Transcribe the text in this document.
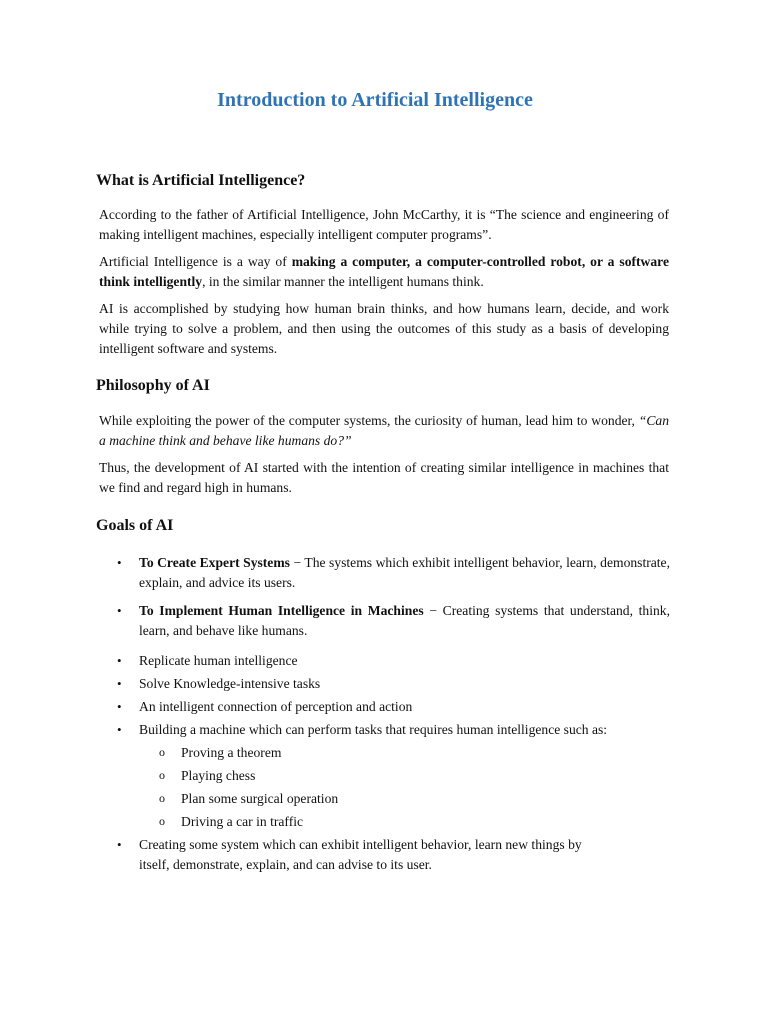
Introduction to Artificial Intelligence
What is Artificial Intelligence?

According to the father of Artificial Intelligence, John McCarthy, it is “The science and engineering of making intelligent machines, especially intelligent computer programs”.

Artificial Intelligence is a way of making a computer, a computer-controlled robot, or a software think intelligently, in the similar manner the intelligent humans think.

AI is accomplished by studying how human brain thinks, and how humans learn, decide, and work while trying to solve a problem, and then using the outcomes of this study as a basis of developing intelligent software and systems.

Philosophy of AI

While exploiting the power of the computer systems, the curiosity of human, lead him to wonder, “Can a machine think and behave like humans do?”

Thus, the development of AI started with the intention of creating similar intelligence in machines that we find and regard high in humans.

Goals of AI
• To Create Expert Systems − The systems which exhibit intelligent behavior, learn, demonstrate, explain, and advice its users.
• To Implement Human Intelligence in Machines − Creating systems that understand, think, learn, and behave like humans.
• Replicate human intelligence
• Solve Knowledge-intensive tasks
• An intelligent connection of perception and action
• Building a machine which can perform tasks that requires human intelligence such as:
o Proving a theorem
o Playing chess
o Plan some surgical operation
o Driving a car in traffic
• Creating some system which can exhibit intelligent behavior, learn new things by itself, demonstrate, explain, and can advise to its user.
